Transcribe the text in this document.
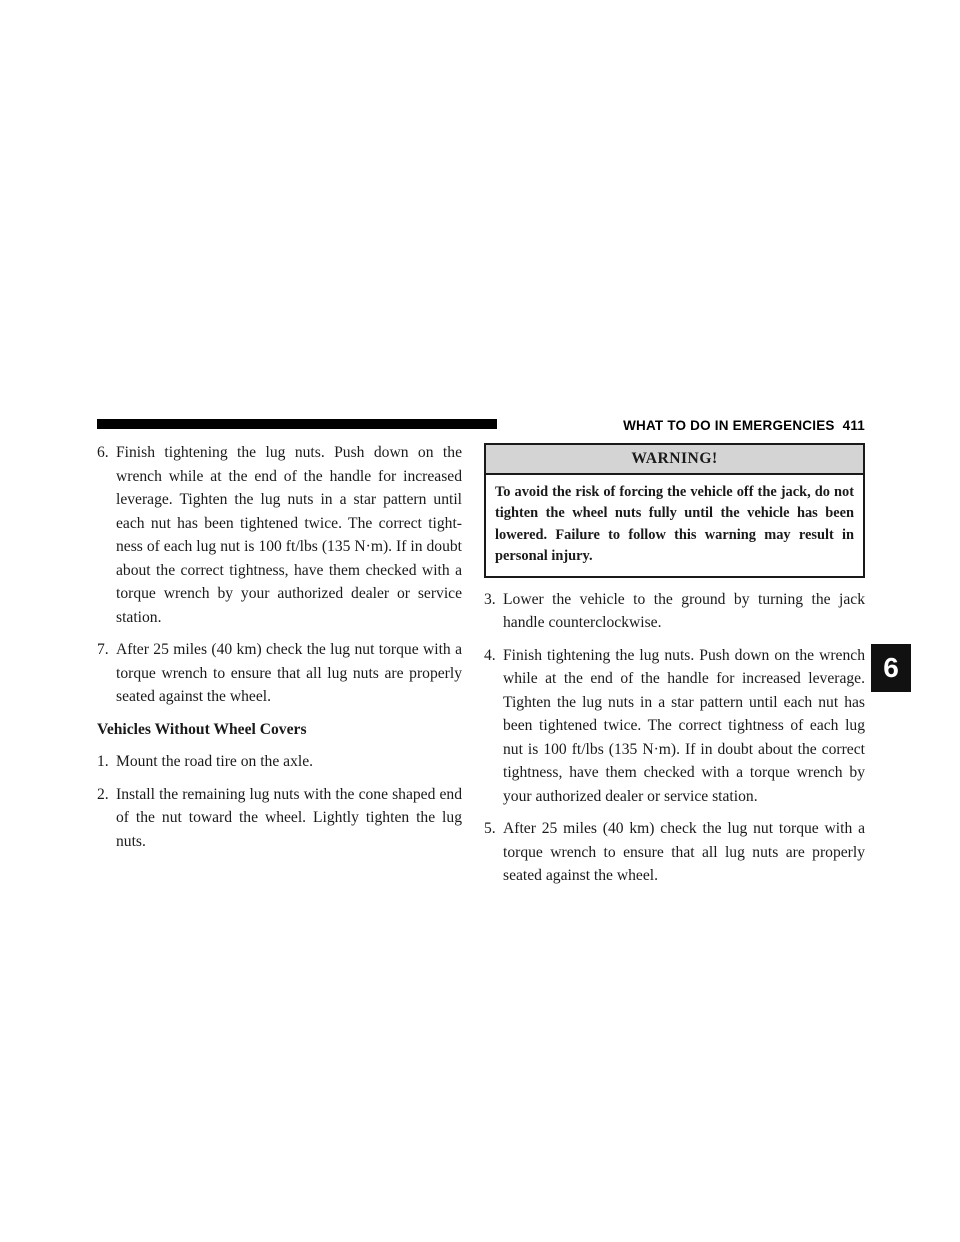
WHAT TO DO IN EMERGENCIES 411
6. Finish tightening the lug nuts. Push down on the wrench while at the end of the handle for increased leverage. Tighten the lug nuts in a star pattern until each nut has been tightened twice. The correct tight- ness of each lug nut is 100 ft/lbs (135 N·m). If in doubt about the correct tightness, have them checked with a torque wrench by your authorized dealer or service station.
7. After 25 miles (40 km) check the lug nut torque with a torque wrench to ensure that all lug nuts are properly seated against the wheel.
Vehicles Without Wheel Covers
1. Mount the road tire on the axle.
2. Install the remaining lug nuts with the cone shaped end of the nut toward the wheel. Lightly tighten the lug nuts.
WARNING!
To avoid the risk of forcing the vehicle off the jack, do not tighten the wheel nuts fully until the vehicle has been lowered. Failure to follow this warning may result in personal injury.
3. Lower the vehicle to the ground by turning the jack handle counterclockwise.
4. Finish tightening the lug nuts. Push down on the wrench while at the end of the handle for increased leverage. Tighten the lug nuts in a star pattern until each nut has been tightened twice. The correct tightness of each lug nut is 100 ft/lbs (135 N·m). If in doubt about the correct tightness, have them checked with a torque wrench by your authorized dealer or service station.
5. After 25 miles (40 km) check the lug nut torque with a torque wrench to ensure that all lug nuts are properly seated against the wheel.
6
